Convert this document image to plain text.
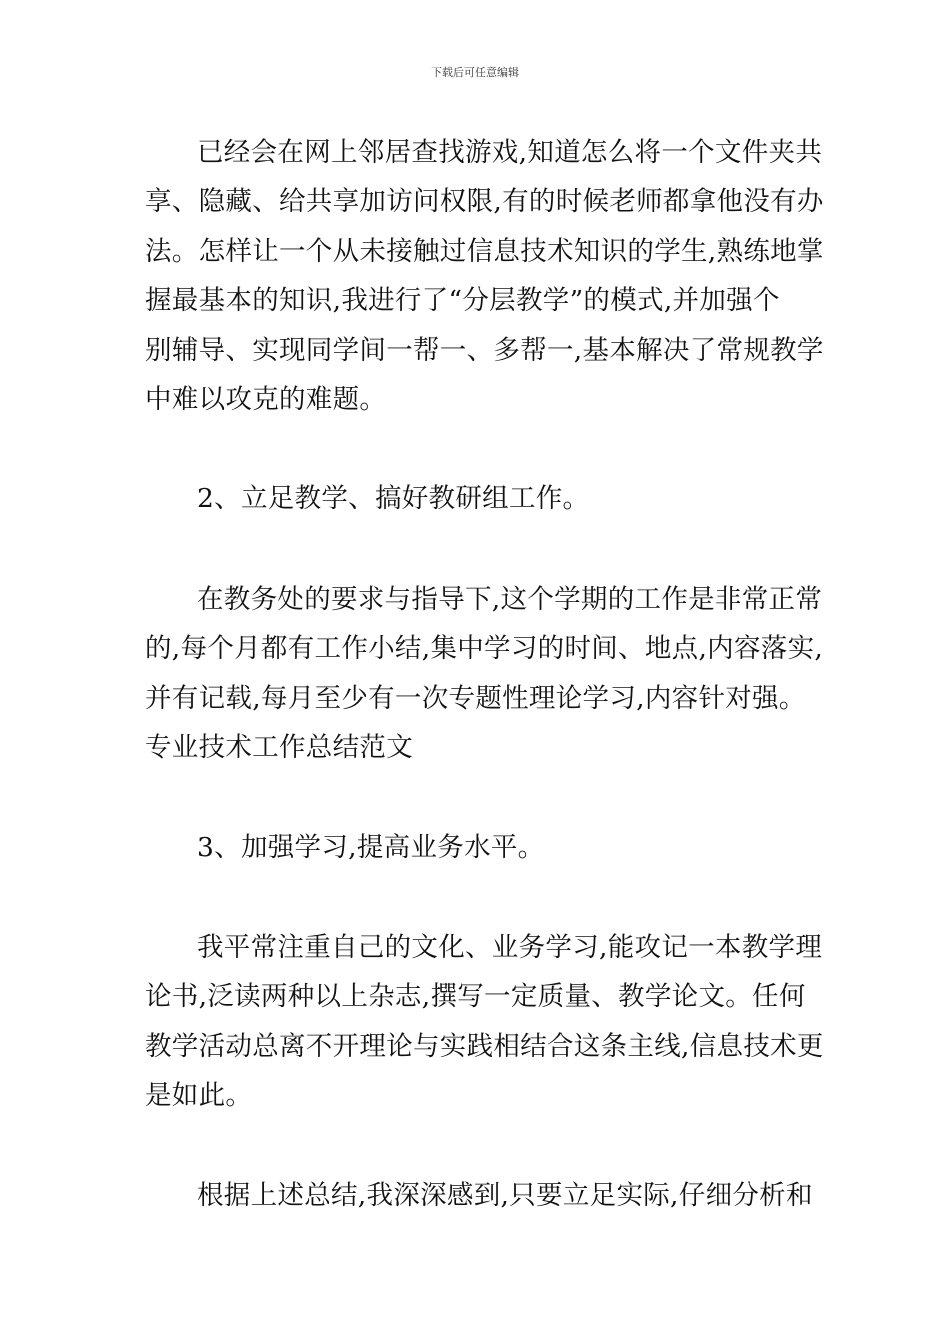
下载后可任意编辑
已经会在网上邻居查找游戏,知道怎么将一个文件夹共
享、隐藏、给共享加访问权限,有的时候老师都拿他没有办
法。怎样让一个从未接触过信息技术知识的学生,熟练地掌
握最基本的知识,我进行了“分层教学”的模式,并加强个
别辅导、实现同学间一帮一、多帮一,基本解决了常规教学
中难以攻克的难题。
2、立足教学、搞好教研组工作。
在教务处的要求与指导下,这个学期的工作是非常正常
的,每个月都有工作小结,集中学习的时间、地点,内容落实,
并有记载,每月至少有一次专题性理论学习,内容针对强。
专业技术工作总结范文
3、加强学习,提高业务水平。
我平常注重自己的文化、业务学习,能攻记一本教学理
论书,泛读两种以上杂志,撰写一定质量、教学论文。任何
教学活动总离不开理论与实践相结合这条主线,信息技术更
是如此。
根据上述总结,我深深感到,只要立足实际,仔细分析和
